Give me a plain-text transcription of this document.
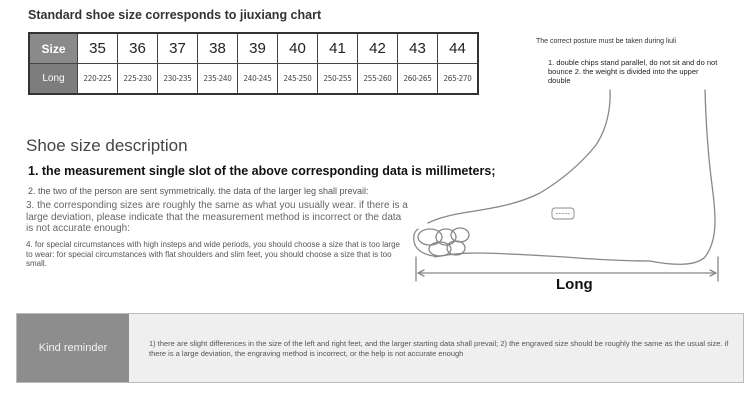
Standard shoe size corresponds to jiuxiang chart
Size	35	36	37	38	39	40	41	42	43	44
Long	220-225	225-230	230-235	235-240	240-245	245-250	250-255	255-260	260-265	265-270
The correct posture must be taken during liuli
1. double chips stand parallel, do not sit and do not bounce 2. the weight is divided into the upper double
Long
Shoe size description
1. the measurement single slot of the above corresponding data is millimeters;
2. the two of the person are sent symmetrically. the data of the larger leg shall prevail:
3. the corresponding sizes are roughly the same as what you usually wear. if there is a large deviation, please indicate that the measurement method is incorrect or the data is not accurate enough:
4. for special circumstances with high insteps and wide periods, you should choose a size that is too large to wear: for special circumstances with flat shoulders and slim feet, you should choose a size that is too small.
Kind reminder	1) there are slight differences in the size of the left and right feet, and the larger starting data shall prevail; 2) the engraved size should be roughly the same as the usual size. if there is a large deviation, the engraving method is incorrect, or the help is not accurate enough
